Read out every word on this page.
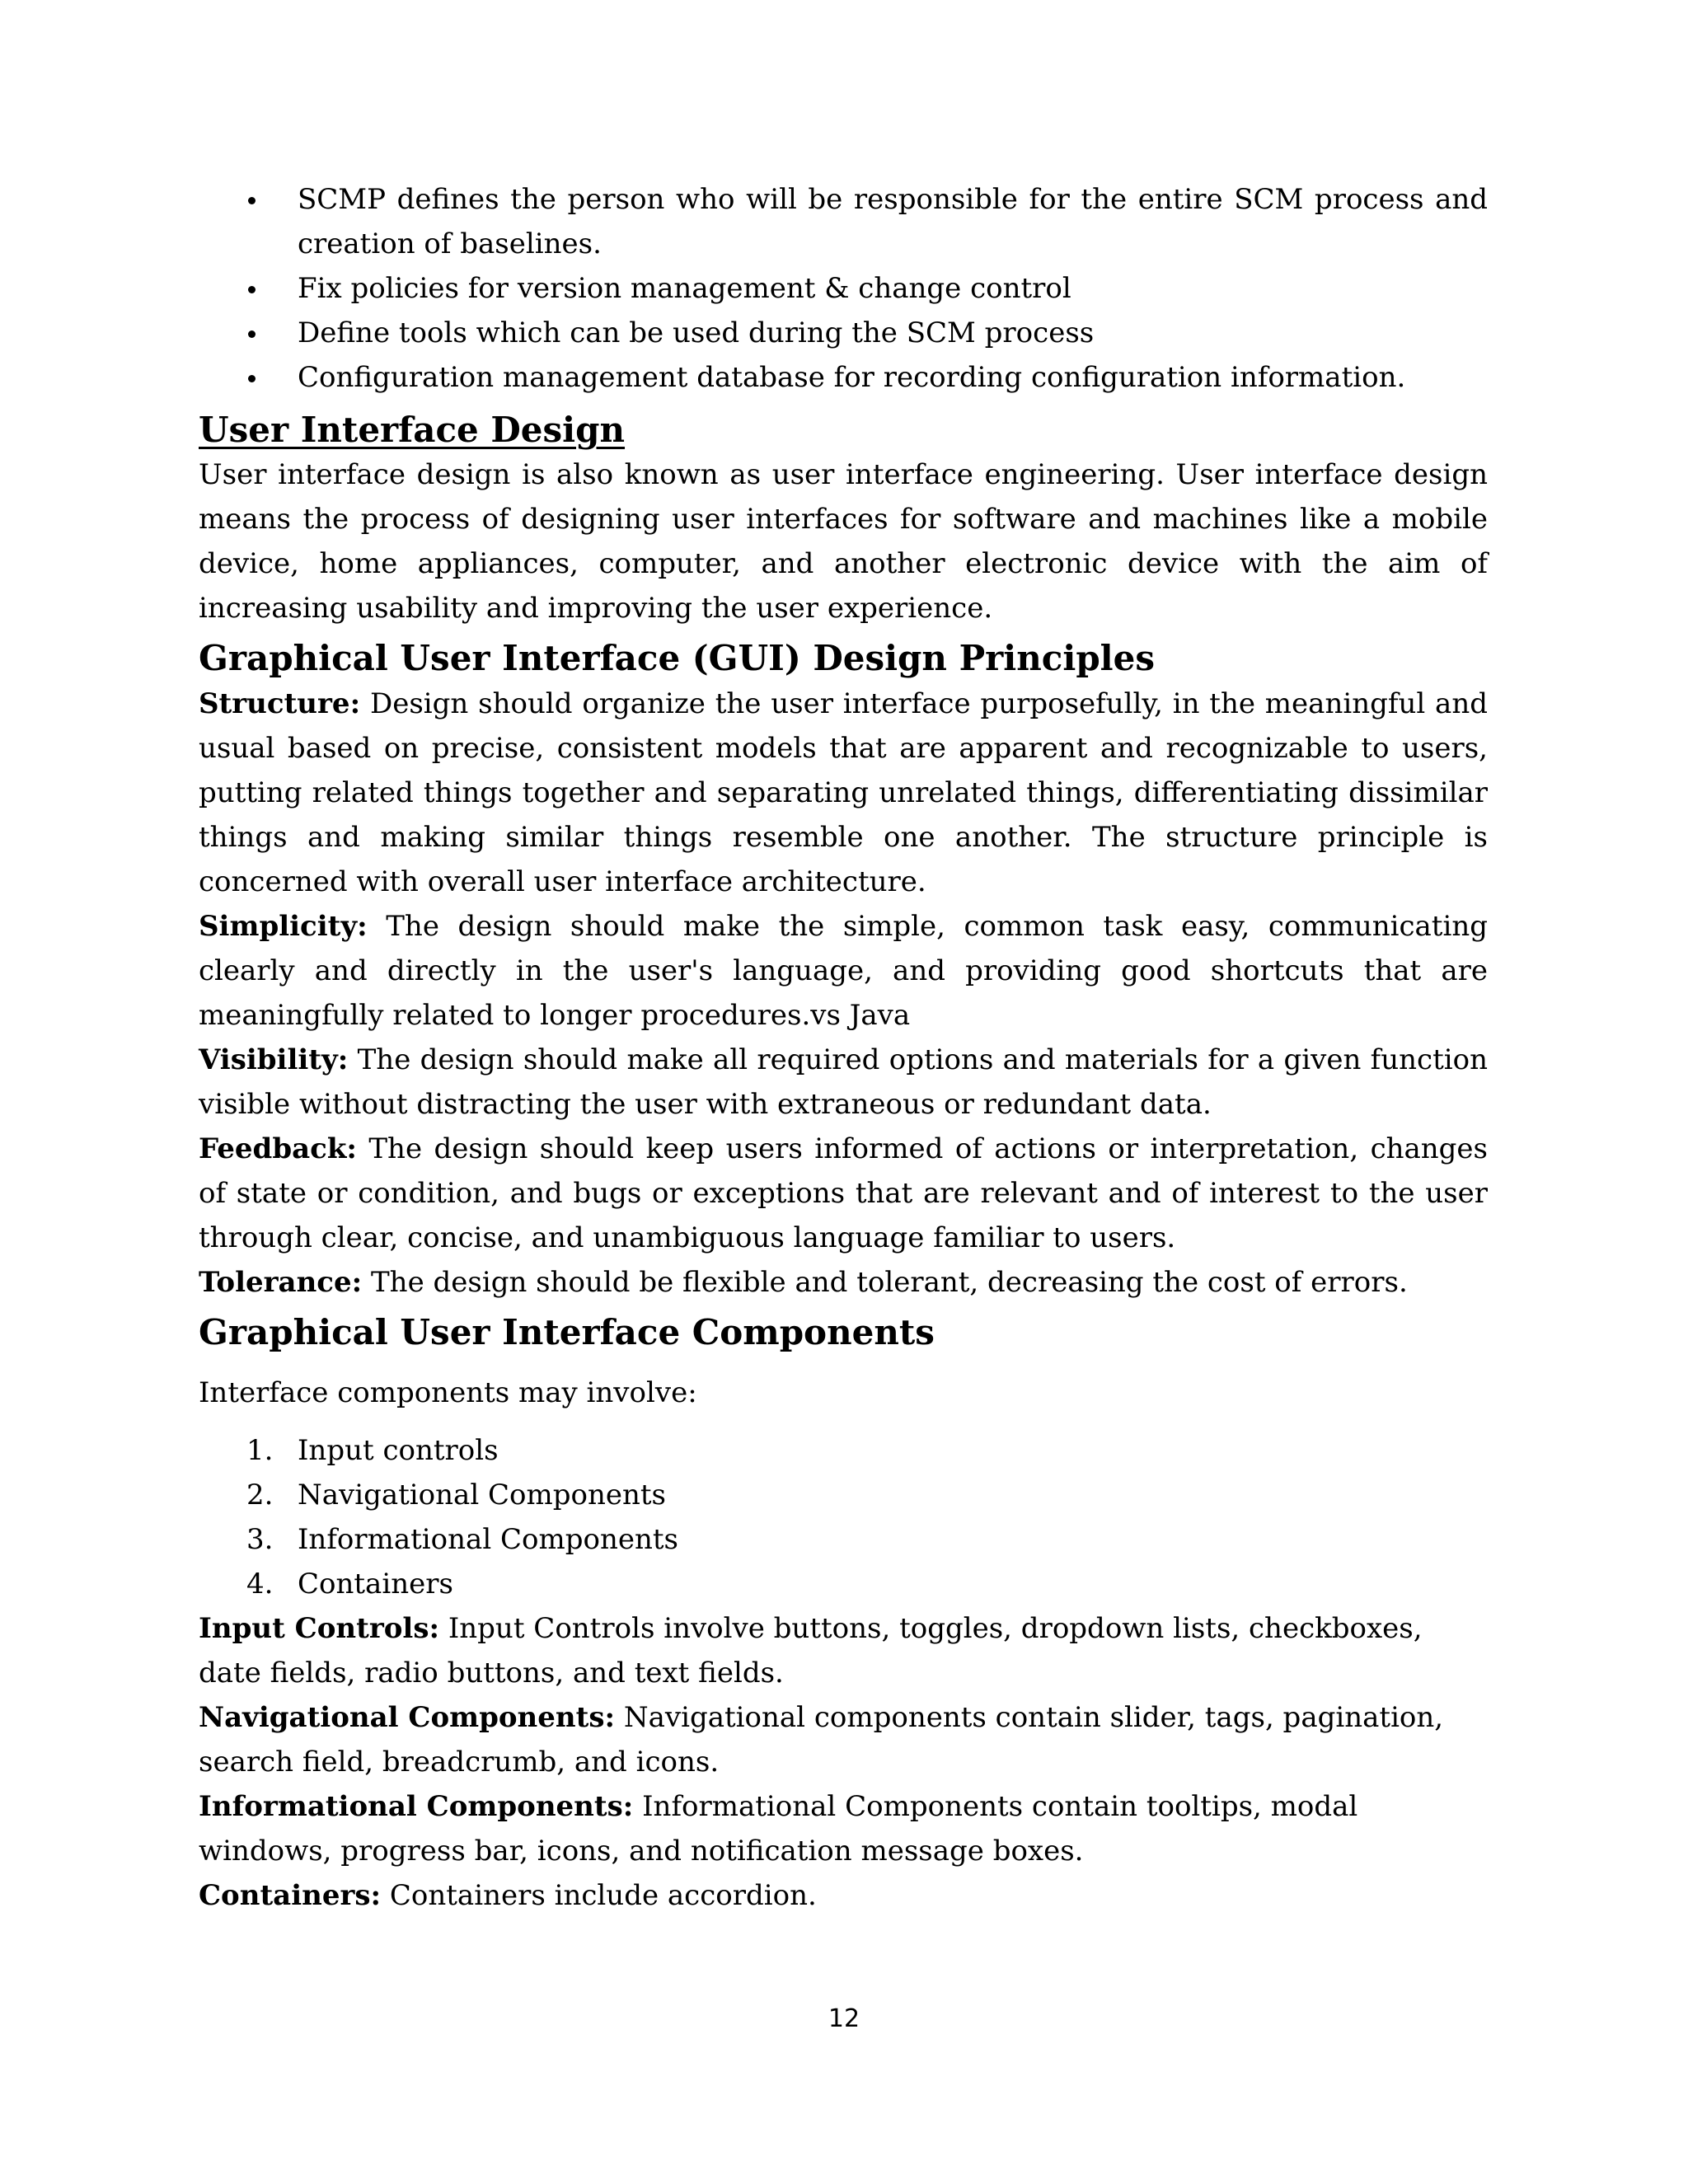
SCMP defines the person who will be responsible for the entire SCM process and creation of baselines.
Fix policies for version management & change control
Define tools which can be used during the SCM process
Configuration management database for recording configuration information.
User Interface Design

User interface design is also known as user interface engineering. User interface design means the process of designing user interfaces for software and machines like a mobile device, home appliances, computer, and another electronic device with the aim of increasing usability and improving the user experience.

Graphical User Interface (GUI) Design Principles

Structure: Design should organize the user interface purposefully, in the meaningful and usual based on precise, consistent models that are apparent and recognizable to users, putting related things together and separating unrelated things, differentiating dissimilar things and making similar things resemble one another. The structure principle is concerned with overall user interface architecture.

Simplicity: The design should make the simple, common task easy, communicating clearly and directly in the user's language, and providing good shortcuts that are meaningfully related to longer procedures.vs Java

Visibility: The design should make all required options and materials for a given function visible without distracting the user with extraneous or redundant data.

Feedback: The design should keep users informed of actions or interpretation, changes of state or condition, and bugs or exceptions that are relevant and of interest to the user through clear, concise, and unambiguous language familiar to users.

Tolerance: The design should be flexible and tolerant, decreasing the cost of errors.

Graphical User Interface Components

Interface components may involve:

1. Input controls
2. Navigational Components
3. Informational Components
4. Containers

Input Controls: Input Controls involve buttons, toggles, dropdown lists, checkboxes, date fields, radio buttons, and text fields.

Navigational Components: Navigational components contain slider, tags, pagination, search field, breadcrumb, and icons.

Informational Components: Informational Components contain tooltips, modal windows, progress bar, icons, and notification message boxes.

Containers: Containers include accordion.

12
